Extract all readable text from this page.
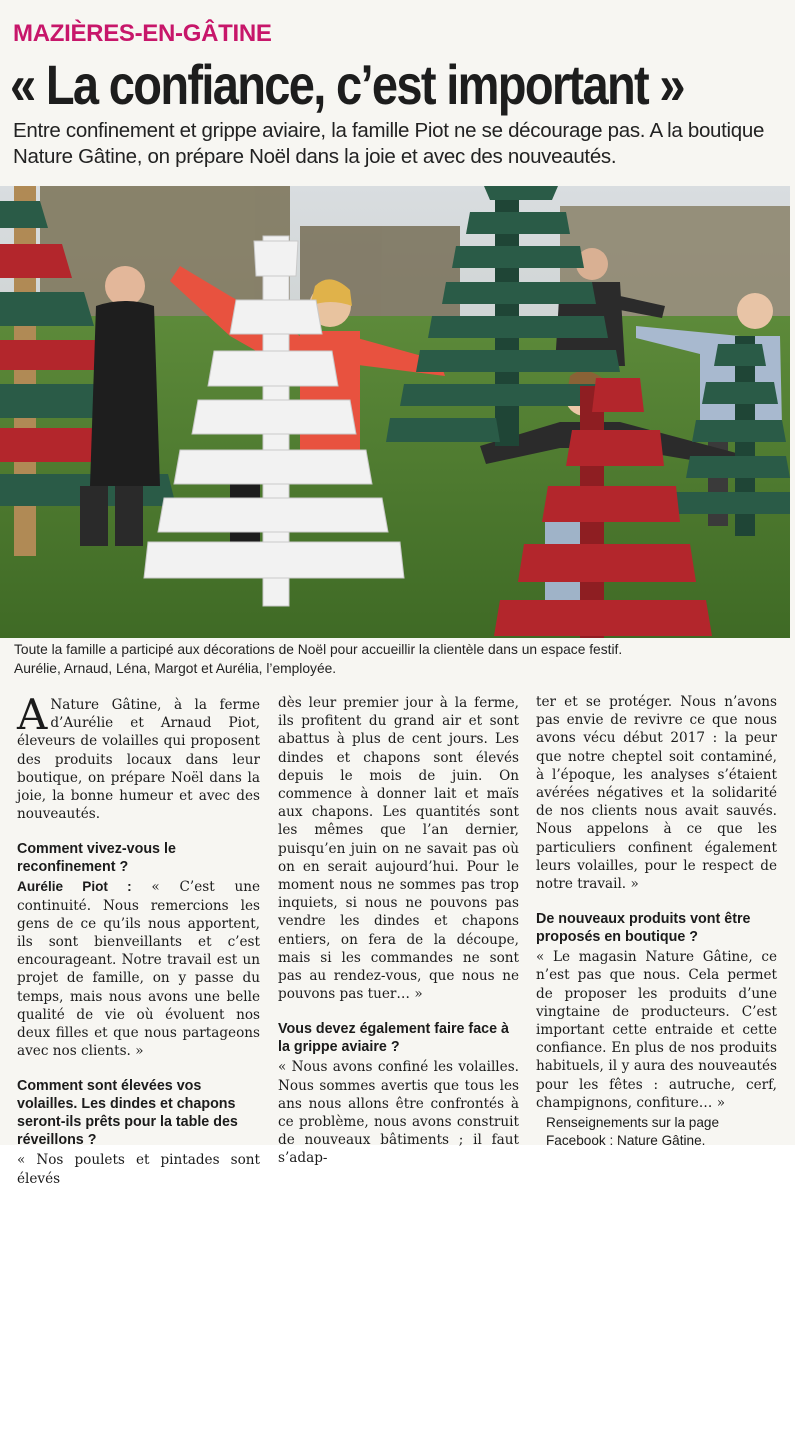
MAZIÈRES-EN-GÂTINE
« La confiance, c’est important »
Entre confinement et grippe aviaire, la famille Piot ne se décourage pas. A la boutique Nature Gâtine, on prépare Noël dans la joie et avec des nouveautés.
Toute la famille a participé aux décorations de Noël pour accueillir la clientèle dans un espace festif.
Aurélie, Arnaud, Léna, Margot et Aurélia, l’employée.

A Nature Gâtine, à la ferme d’Aurélie et Arnaud Piot, éleveurs de volailles qui proposent des produits locaux dans leur boutique, on prépare Noël dans la joie, la bonne humeur et avec des nouveautés.

Comment vivez-vous le reconfinement ?

Aurélie Piot : « C’est une continuité. Nous remercions les gens de ce qu’ils nous apportent, ils sont bienveillants et c’est encourageant. Notre travail est un projet de famille, on y passe du temps, mais nous avons une belle qualité de vie où évoluent nos deux filles et que nous partageons avec nos clients. »

Comment sont élevées vos volailles. Les dindes et chapons seront-ils prêts pour la table des réveillons ?

« Nos poulets et pintades sont élevés

dès leur premier jour à la ferme, ils profitent du grand air et sont abattus à plus de cent jours. Les dindes et chapons sont élevés depuis le mois de juin. On commence à donner lait et maïs aux chapons. Les quantités sont les mêmes que l’an dernier, puisqu’en juin on ne savait pas où on en serait aujourd’hui. Pour le moment nous ne sommes pas trop inquiets, si nous ne pouvons pas vendre les dindes et chapons entiers, on fera de la découpe, mais si les commandes ne sont pas au rendez-vous, que nous ne pouvons pas tuer… »

Vous devez également faire face à la grippe aviaire ?

« Nous avons confiné les volailles. Nous sommes avertis que tous les ans nous allons être confrontés à ce problème, nous avons construit de nouveaux bâtiments ; il faut s’adap-

ter et se protéger. Nous n’avons pas envie de revivre ce que nous avons vécu début 2017 : la peur que notre cheptel soit contaminé, à l’époque, les analyses s’étaient avérées négatives et la solidarité de nos clients nous avait sauvés. Nous appelons à ce que les particuliers confinent également leurs volailles, pour le respect de notre travail. »

De nouveaux produits vont être proposés en boutique ?

« Le magasin Nature Gâtine, ce n’est pas que nous. Cela permet de proposer les produits d’une vingtaine de producteurs. C’est important cette entraide et cette confiance. En plus de nos produits habituels, il y aura des nouveautés pour les fêtes : autruche, cerf, champignons, confiture… »

Renseignements sur la page
Facebook : Nature Gâtine.
